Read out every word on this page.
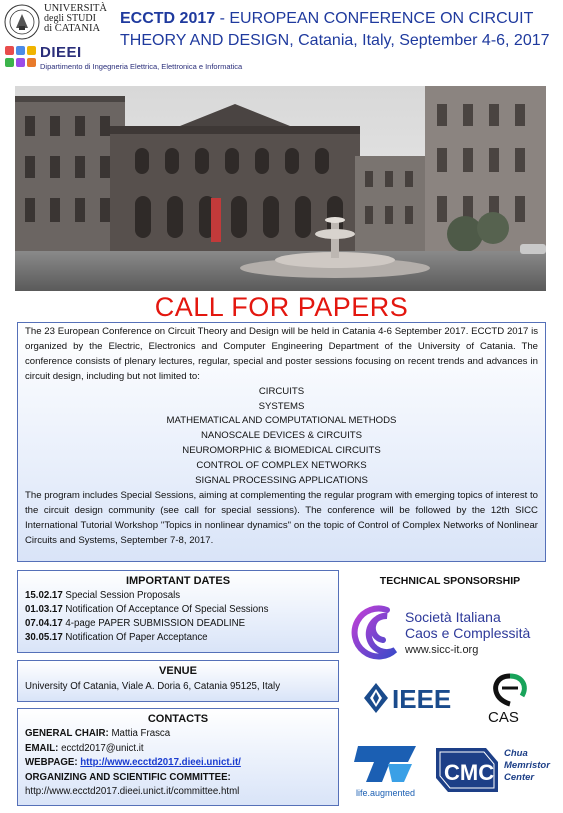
UNIVERSITÀ
degli STUDI
di CATANIA
DIEEI
Dipartimento di Ingegneria Elettrica, Elettronica e Informatica
ECCTD 2017 - EUROPEAN CONFERENCE ON CIRCUIT
THEORY AND DESIGN, Catania, Italy, September 4-6, 2017
CALL FOR PAPERS

The 23 European Conference on Circuit Theory and Design will be held in Catania 4-6 September 2017. ECCTD 2017 is organized by the Electric, Electronics and Computer Engineering Department of the University of Catania. The conference consists of plenary lectures, regular, special and poster sessions focusing on recent trends and advances in circuit design, including but not limited to:

CIRCUITS
SYSTEMS
MATHEMATICAL AND COMPUTATIONAL METHODS
NANOSCALE DEVICES & CIRCUITS
NEUROMORPHIC & BIOMEDICAL CIRCUITS
CONTROL OF COMPLEX NETWORKS
SIGNAL PROCESSING APPLICATIONS

The program includes Special Sessions, aiming at complementing the regular program with emerging topics of interest to the circuit design community (see call for special sessions). The conference will be followed by the 12th SICC International Tutorial Workshop "Topics in nonlinear dynamics" on the topic of Control of Complex Networks of Nonlinear Circuits and Systems, September 7-8, 2017.

IMPORTANT DATES
15.02.17 Special Session Proposals
01.03.17 Notification Of Acceptance Of Special Sessions
07.04.17 4-page PAPER SUBMISSION DEADLINE
30.05.17 Notification Of Paper Acceptance
VENUE
University Of Catania, Viale A. Doria 6, Catania 95125, Italy
CONTACTS
GENERAL CHAIR: Mattia Frasca
EMAIL: ecctd2017@unict.it
WEBPAGE: http://www.ecctd2017.dieei.unict.it/
ORGANIZING AND SCIENTIFIC COMMITTEE:
http://www.ecctd2017.dieei.unict.it/committee.html
TECHNICAL SPONSORSHIP
Società Italiana
Caos e Complessità
www.sicc-it.org
IEEE
CAS
life.augmented
CMC
Chua
Memristor
Center
